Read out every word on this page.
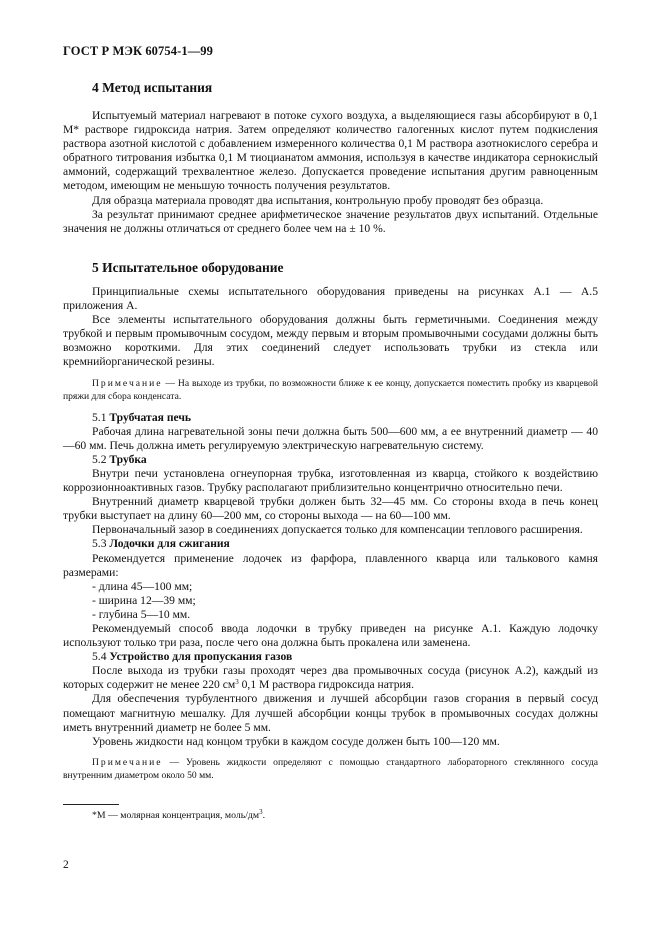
ГОСТ Р МЭК 60754-1—99
4 Метод испытания

Испытуемый материал нагревают в потоке сухого воздуха, а выделяющиеся газы абсорбируют в 0,1 М* растворе гидроксида натрия. Затем определяют количество галогенных кислот путем подкисления раствора азотной кислотой с добавлением измеренного количества 0,1 М раствора азотнокислого серебра и обратного титрования избытка 0,1 М тиоцианатом аммония, используя в качестве индикатора сернокислый аммоний, содержащий трехвалентное железо. Допускается проведение испытания другим равноценным методом, имеющим не меньшую точность получения результатов.

Для образца материала проводят два испытания, контрольную пробу проводят без образца.

За результат принимают среднее арифметическое значение результатов двух испытаний. Отдельные значения не должны отличаться от среднего более чем на ± 10 %.

5 Испытательное оборудование

Принципиальные схемы испытательного оборудования приведены на рисунках А.1 — А.5 приложения А.

Все элементы испытательного оборудования должны быть герметичными. Соединения между трубкой и первым промывочным сосудом, между первым и вторым промывочными сосудами должны быть возможно короткими. Для этих соединений следует использовать трубки из стекла или кремнийорганической резины.

Примечание — На выходе из трубки, по возможности ближе к ее концу, допускается поместить пробку из кварцевой пряжи для сбора конденсата.

5.1 Трубчатая печь

Рабочая длина нагревательной зоны печи должна быть 500—600 мм, а ее внутренний диаметр — 40—60 мм. Печь должна иметь регулируемую электрическую нагревательную систему.

5.2 Трубка

Внутри печи установлена огнеупорная трубка, изготовленная из кварца, стойкого к воздействию коррозионноактивных газов. Трубку располагают приблизительно концентрично относительно печи.

Внутренний диаметр кварцевой трубки должен быть 32—45 мм. Со стороны входа в печь конец трубки выступает на длину 60—200 мм, со стороны выхода — на 60—100 мм.

Первоначальный зазор в соединениях допускается только для компенсации теплового расширения.

5.3 Лодочки для сжигания

Рекомендуется применение лодочек из фарфора, плавленного кварца или талькового камня размерами:

- длина 45—100 мм;
- ширина 12—39 мм;
- глубина 5—10 мм.

Рекомендуемый способ ввода лодочки в трубку приведен на рисунке А.1. Каждую лодочку используют только три раза, после чего она должна быть прокалена или заменена.

5.4 Устройство для пропускания газов

После выхода из трубки газы проходят через два промывочных сосуда (рисунок А.2), каждый из которых содержит не менее 220 $см^3$ 0,1 М раствора гидроксида натрия.

Для обеспечения турбулентного движения и лучшей абсорбции газов сгорания в первый сосуд помещают магнитную мешалку. Для лучшей абсорбции концы трубок в промывочных сосудах должны иметь внутренний диаметр не более 5 мм.

Уровень жидкости над концом трубки в каждом сосуде должен быть 100—120 мм.

Примечание — Уровень жидкости определяют с помощью стандартного лабораторного стеклянного сосуда внутренним диаметром около 50 мм.

*М — молярная концентрация, моль/$дм^3$.
2
